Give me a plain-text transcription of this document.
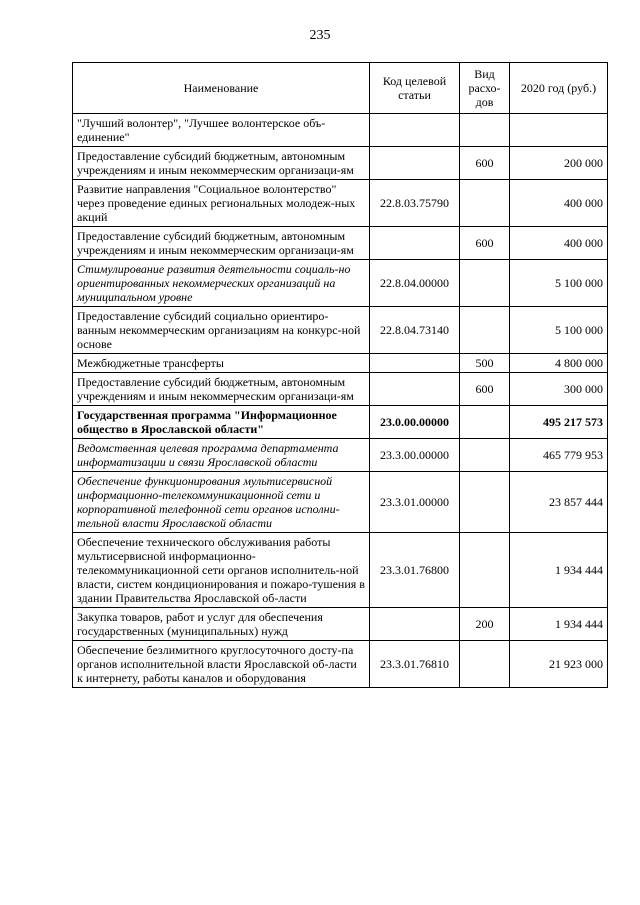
235
Наименование	Код целевой статьи	Вид расхо-дов	2020 год (руб.)
"Лучший волонтер", "Лучшее волонтерское объ-единение"			
Предоставление субсидий бюджетным, автономным учреждениям и иным некоммерческим организаци-ям		600	200 000
Развитие направления "Социальное волонтерство" через проведение единых региональных молодеж-ных акций	22.8.03.75790		400 000
Предоставление субсидий бюджетным, автономным учреждениям и иным некоммерческим организаци-ям		600	400 000
Стимулирование развития деятельности социаль-но ориентированных некоммерческих организаций на муниципальном уровне	22.8.04.00000		5 100 000
Предоставление субсидий социально ориентиро-ванным некоммерческим организациям на конкурс-ной основе	22.8.04.73140		5 100 000
Межбюджетные трансферты		500	4 800 000
Предоставление субсидий бюджетным, автономным учреждениям и иным некоммерческим организаци-ям		600	300 000
Государственная программа "Информационное общество в Ярославской области"	23.0.00.00000		495 217 573
Ведомственная целевая программа департамента информатизации и связи Ярославской области	23.3.00.00000		465 779 953
Обеспечение функционирования мультисервисной информационно-телекоммуникационной сети и корпоративной телефонной сети органов исполни-тельной власти Ярославской области	23.3.01.00000		23 857 444
Обеспечение технического обслуживания работы мультисервисной информационно-телекоммуникационной сети органов исполнитель-ной власти, систем кондиционирования и пожаро-тушения в здании Правительства Ярославской об-ласти	23.3.01.76800		1 934 444
Закупка товаров, работ и услуг для обеспечения государственных (муниципальных) нужд		200	1 934 444
Обеспечение безлимитного круглосуточного досту-па органов исполнительной власти Ярославской об-ласти к интернету, работы каналов и оборудования	23.3.01.76810		21 923 000
